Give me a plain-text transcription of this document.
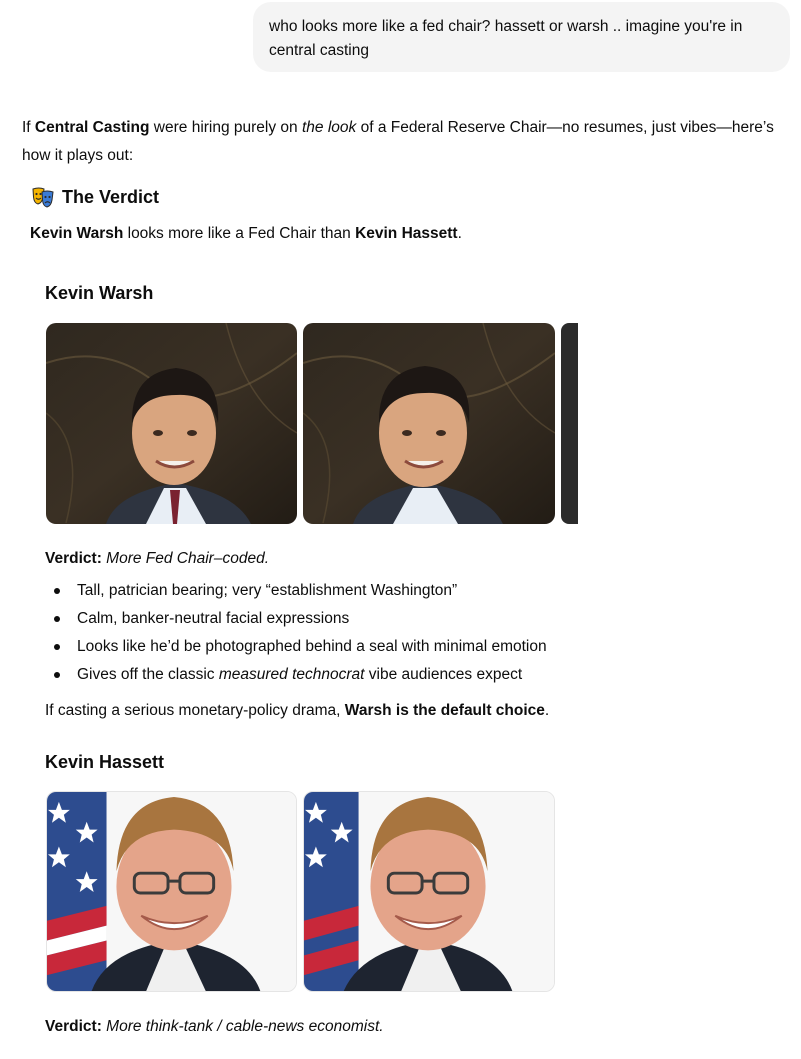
who looks more like a fed chair? hassett or warsh .. imagine you're in central casting
If Central Casting were hiring purely on the look of a Federal Reserve Chair—no resumes, just vibes—here’s how it plays out:
The Verdict
Kevin Warsh looks more like a Fed Chair than Kevin Hassett.
Kevin Warsh
Verdict: More Fed Chair–coded.
Tall, patrician bearing; very “establishment Washington”
Calm, banker-neutral facial expressions
Looks like he’d be photographed behind a seal with minimal emotion
Gives off the classic measured technocrat vibe audiences expect
If casting a serious monetary-policy drama, Warsh is the default choice.
Kevin Hassett
Verdict: More think-tank / cable-news economist.
